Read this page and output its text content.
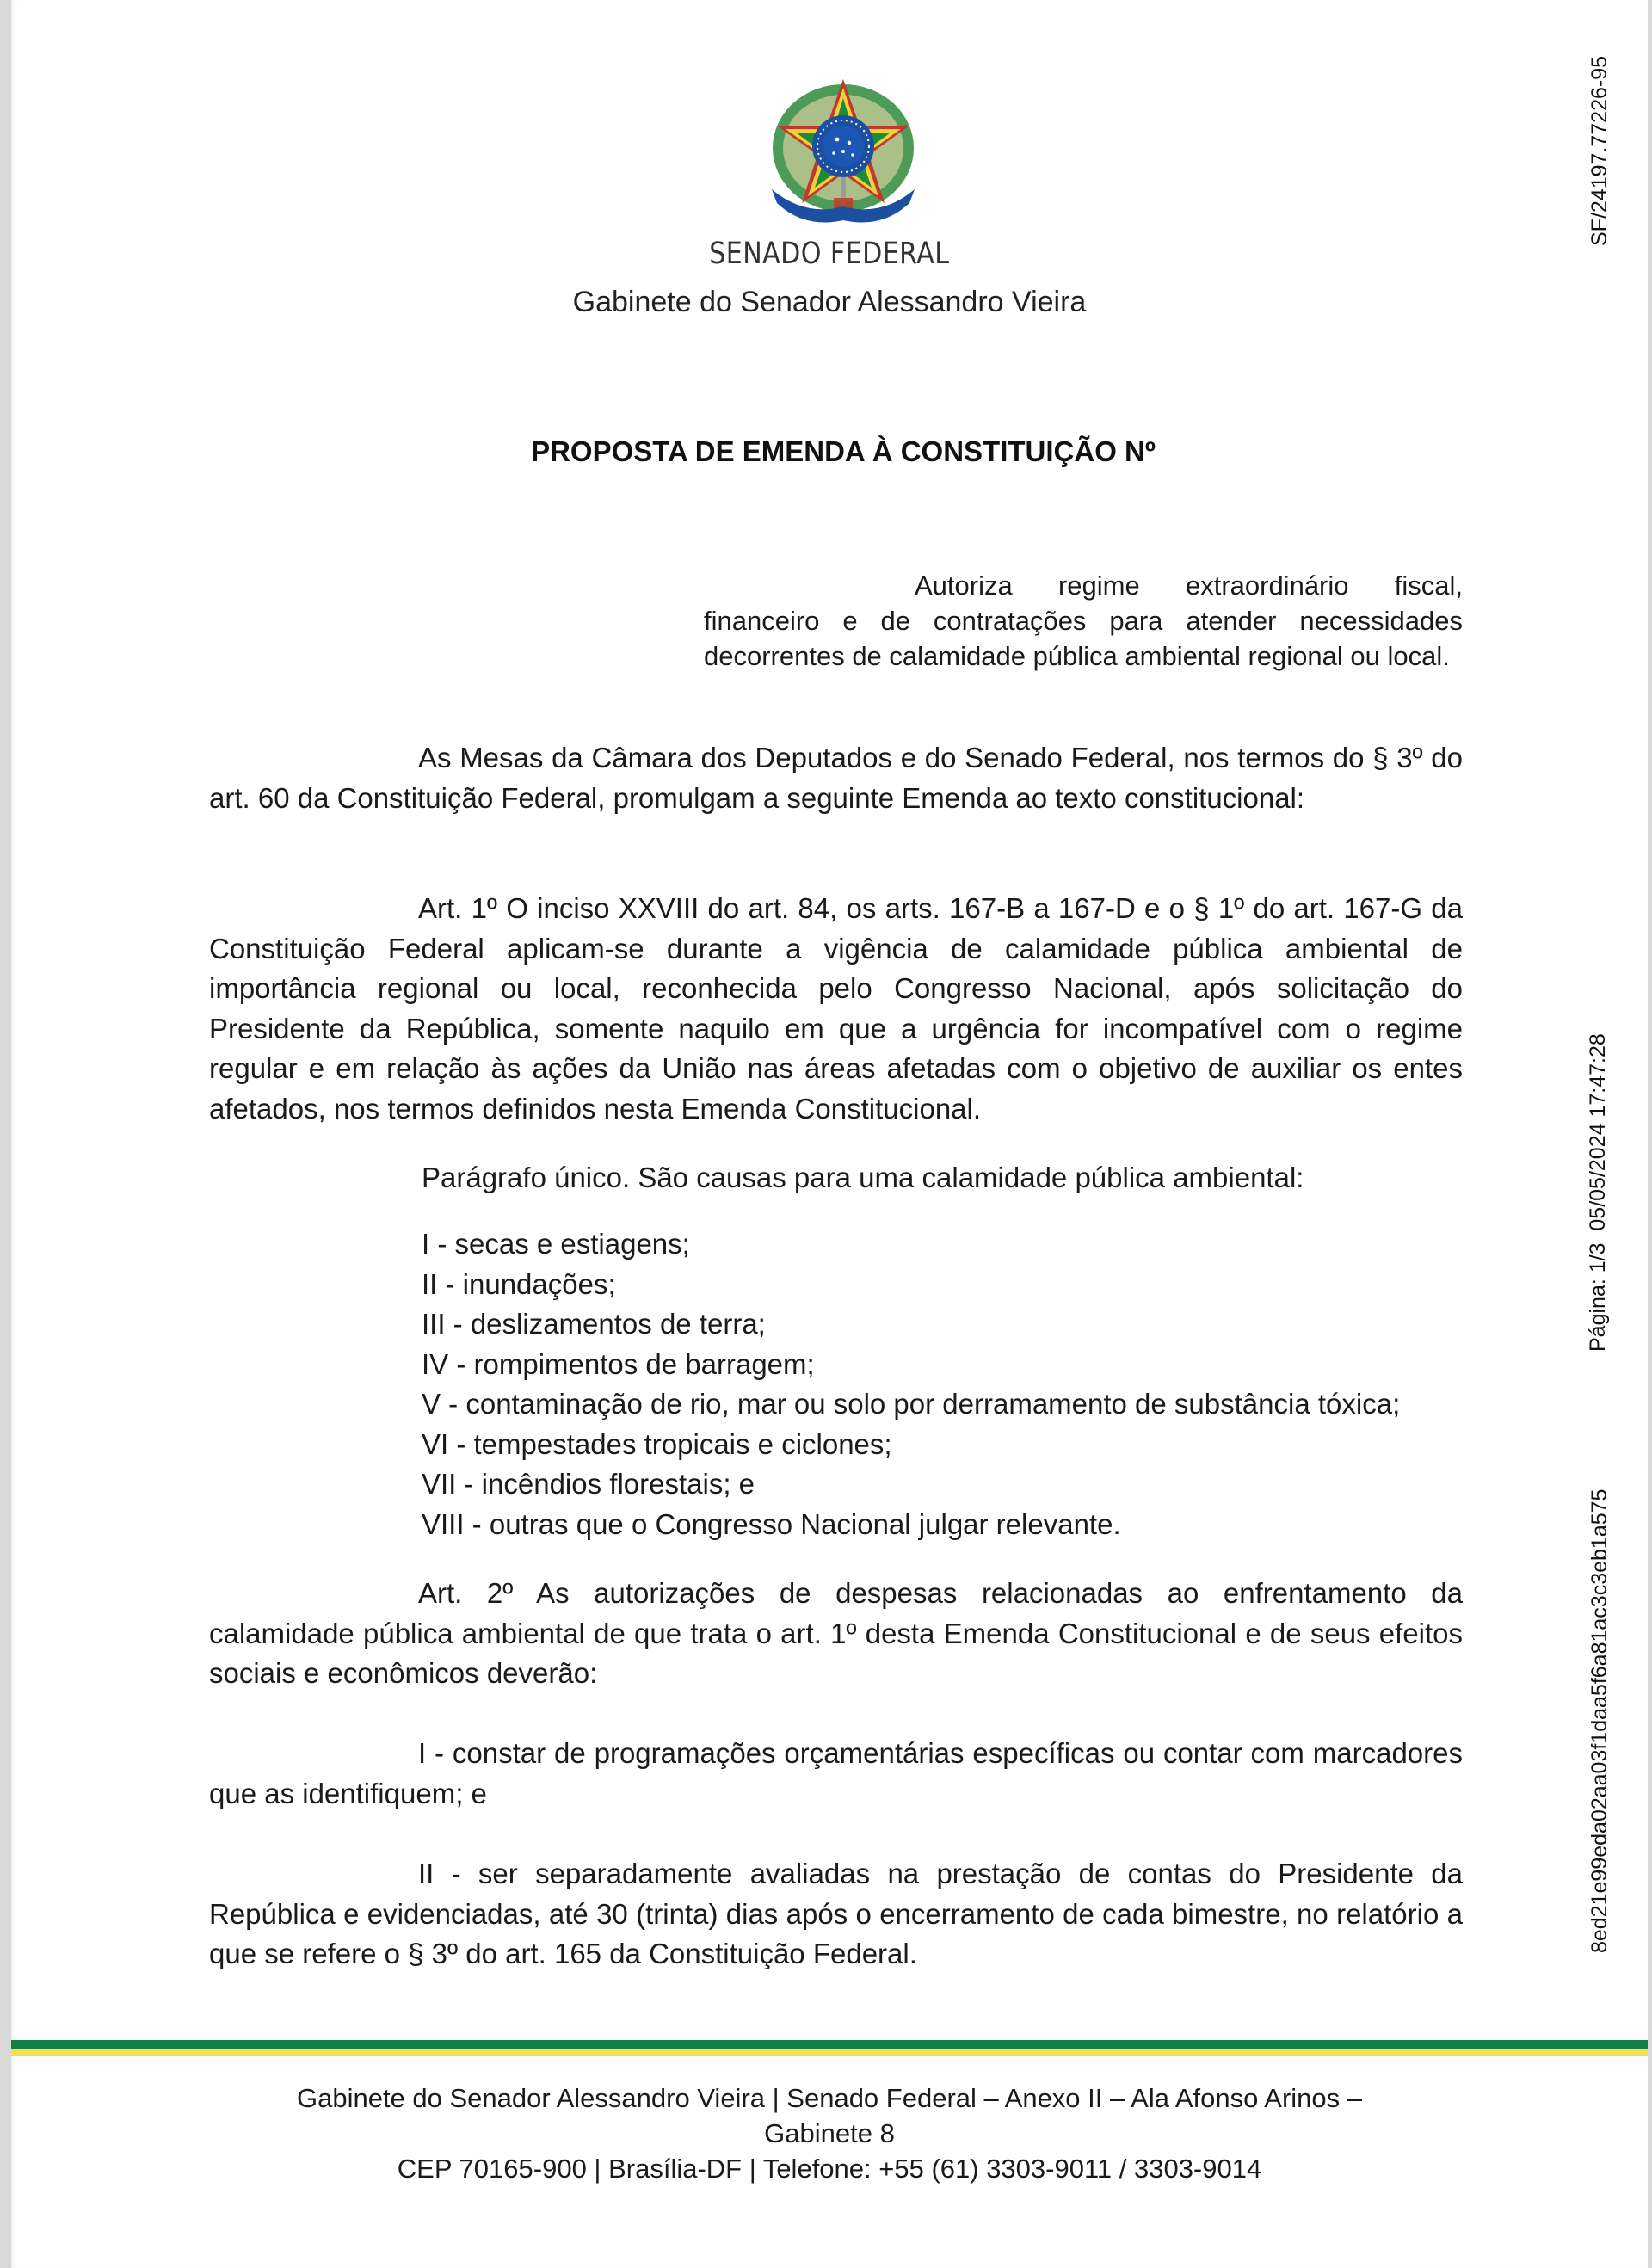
SENADO FEDERAL
Gabinete do Senador Alessandro Vieira
PROPOSTA DE EMENDA À CONSTITUIÇÃO Nº
Autoriza regime extraordinário fiscal,
financeiro e de contratações para atender necessidades decorrentes de calamidade pública ambiental regional ou local.
As Mesas da Câmara dos Deputados e do Senado Federal, nos termos do § 3º do art. 60 da Constituição Federal, promulgam a seguinte Emenda ao texto constitucional:
Art. 1º O inciso XXVIII do art. 84, os arts. 167-B a 167-D e o § 1º do art. 167-G da Constituição Federal aplicam-se durante a vigência de calamidade pública ambiental de importância regional ou local, reconhecida pelo Congresso Nacional, após solicitação do Presidente da República, somente naquilo em que a urgência for incompatível com o regime regular e em relação às ações da União nas áreas afetadas com o objetivo de auxiliar os entes afetados, nos termos definidos nesta Emenda Constitucional.
Parágrafo único. São causas para uma calamidade pública ambiental:
I - secas e estiagens;
II - inundações;
III - deslizamentos de terra;
IV - rompimentos de barragem;
V - contaminação de rio, mar ou solo por derramamento de substância tóxica;
VI - tempestades tropicais e ciclones;
VII - incêndios florestais; e
VIII - outras que o Congresso Nacional julgar relevante.
Art. 2º As autorizações de despesas relacionadas ao enfrentamento da calamidade pública ambiental de que trata o art. 1º desta Emenda Constitucional e de seus efeitos sociais e econômicos deverão:
I - constar de programações orçamentárias específicas ou contar com marcadores que as identifiquem; e
II - ser separadamente avaliadas na prestação de contas do Presidente da República e evidenciadas, até 30 (trinta) dias após o encerramento de cada bimestre, no relatório a que se refere o § 3º do art. 165 da Constituição Federal.
SF/24197.77226-95
Página: 1/3  05/05/2024 17:47:28
8ed21e99eda02aa03f1daa5f6a81ac3c3eb1a575
Gabinete do Senador Alessandro Vieira | Senado Federal – Anexo II – Ala Afonso Arinos –
Gabinete 8
CEP 70165-900 | Brasília-DF | Telefone: +55 (61) 3303-9011 / 3303-9014
